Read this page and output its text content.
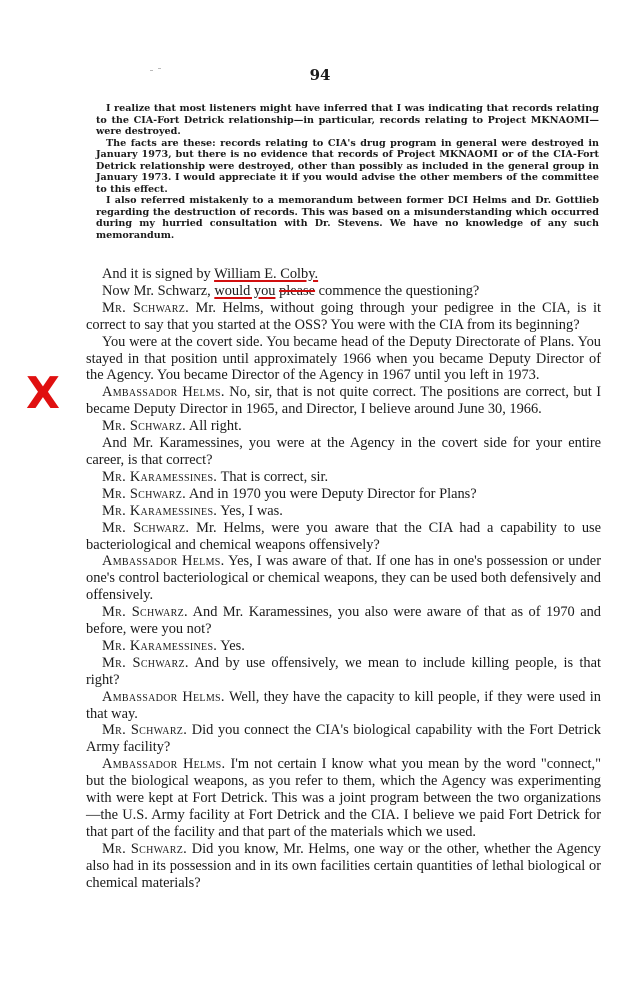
94
X

I realize that most listeners might have inferred that I was indicating that records relating to the CIA-Fort Detrick relationship—in particular, records relating to Project MKNAOMI—were destroyed.

The facts are these: records relating to CIA's drug program in general were destroyed in January 1973, but there is no evidence that records of Project MKNAOMI or of the CIA-Fort Detrick relationship were destroyed, other than possibly as included in the general group in January 1973. I would appreciate it if you would advise the other members of the committee to this effect.

I also referred mistakenly to a memorandum between former DCI Helms and Dr. Gottlieb regarding the destruction of records. This was based on a misunderstanding which occurred during my hurried consultation with Dr. Stevens. We have no knowledge of any such memorandum.

And it is signed by William E. Colby.

Now Mr. Schwarz, would you please commence the questioning?

Mr. Schwarz. Mr. Helms, without going through your pedigree in the CIA, is it correct to say that you started at the OSS? You were with the CIA from its beginning?

You were at the covert side. You became head of the Deputy Directorate of Plans. You stayed in that position until approximately 1966 when you became Deputy Director of the Agency. You became Director of the Agency in 1967 until you left in 1973.

Ambassador Helms. No, sir, that is not quite correct. The positions are correct, but I became Deputy Director in 1965, and Director, I believe around June 30, 1966.

Mr. Schwarz. All right.

And Mr. Karamessines, you were at the Agency in the covert side for your entire career, is that correct?

Mr. Karamessines. That is correct, sir.

Mr. Schwarz. And in 1970 you were Deputy Director for Plans?

Mr. Karamessines. Yes, I was.

Mr. Schwarz. Mr. Helms, were you aware that the CIA had a capability to use bacteriological and chemical weapons offensively?

Ambassador Helms. Yes, I was aware of that. If one has in one's possession or under one's control bacteriological or chemical weapons, they can be used both defensively and offensively.

Mr. Schwarz. And Mr. Karamessines, you also were aware of that as of 1970 and before, were you not?

Mr. Karamessines. Yes.

Mr. Schwarz. And by use offensively, we mean to include killing people, is that right?

Ambassador Helms. Well, they have the capacity to kill people, if they were used in that way.

Mr. Schwarz. Did you connect the CIA's biological capability with the Fort Detrick Army facility?

Ambassador Helms. I'm not certain I know what you mean by the word "connect," but the biological weapons, as you refer to them, which the Agency was experimenting with were kept at Fort Detrick. This was a joint program between the two organizations—the U.S. Army facility at Fort Detrick and the CIA. I believe we paid Fort Detrick for that part of the facility and that part of the materials which we used.

Mr. Schwarz. Did you know, Mr. Helms, one way or the other, whether the Agency also had in its possession and in its own facilities certain quantities of lethal biological or chemical materials?
